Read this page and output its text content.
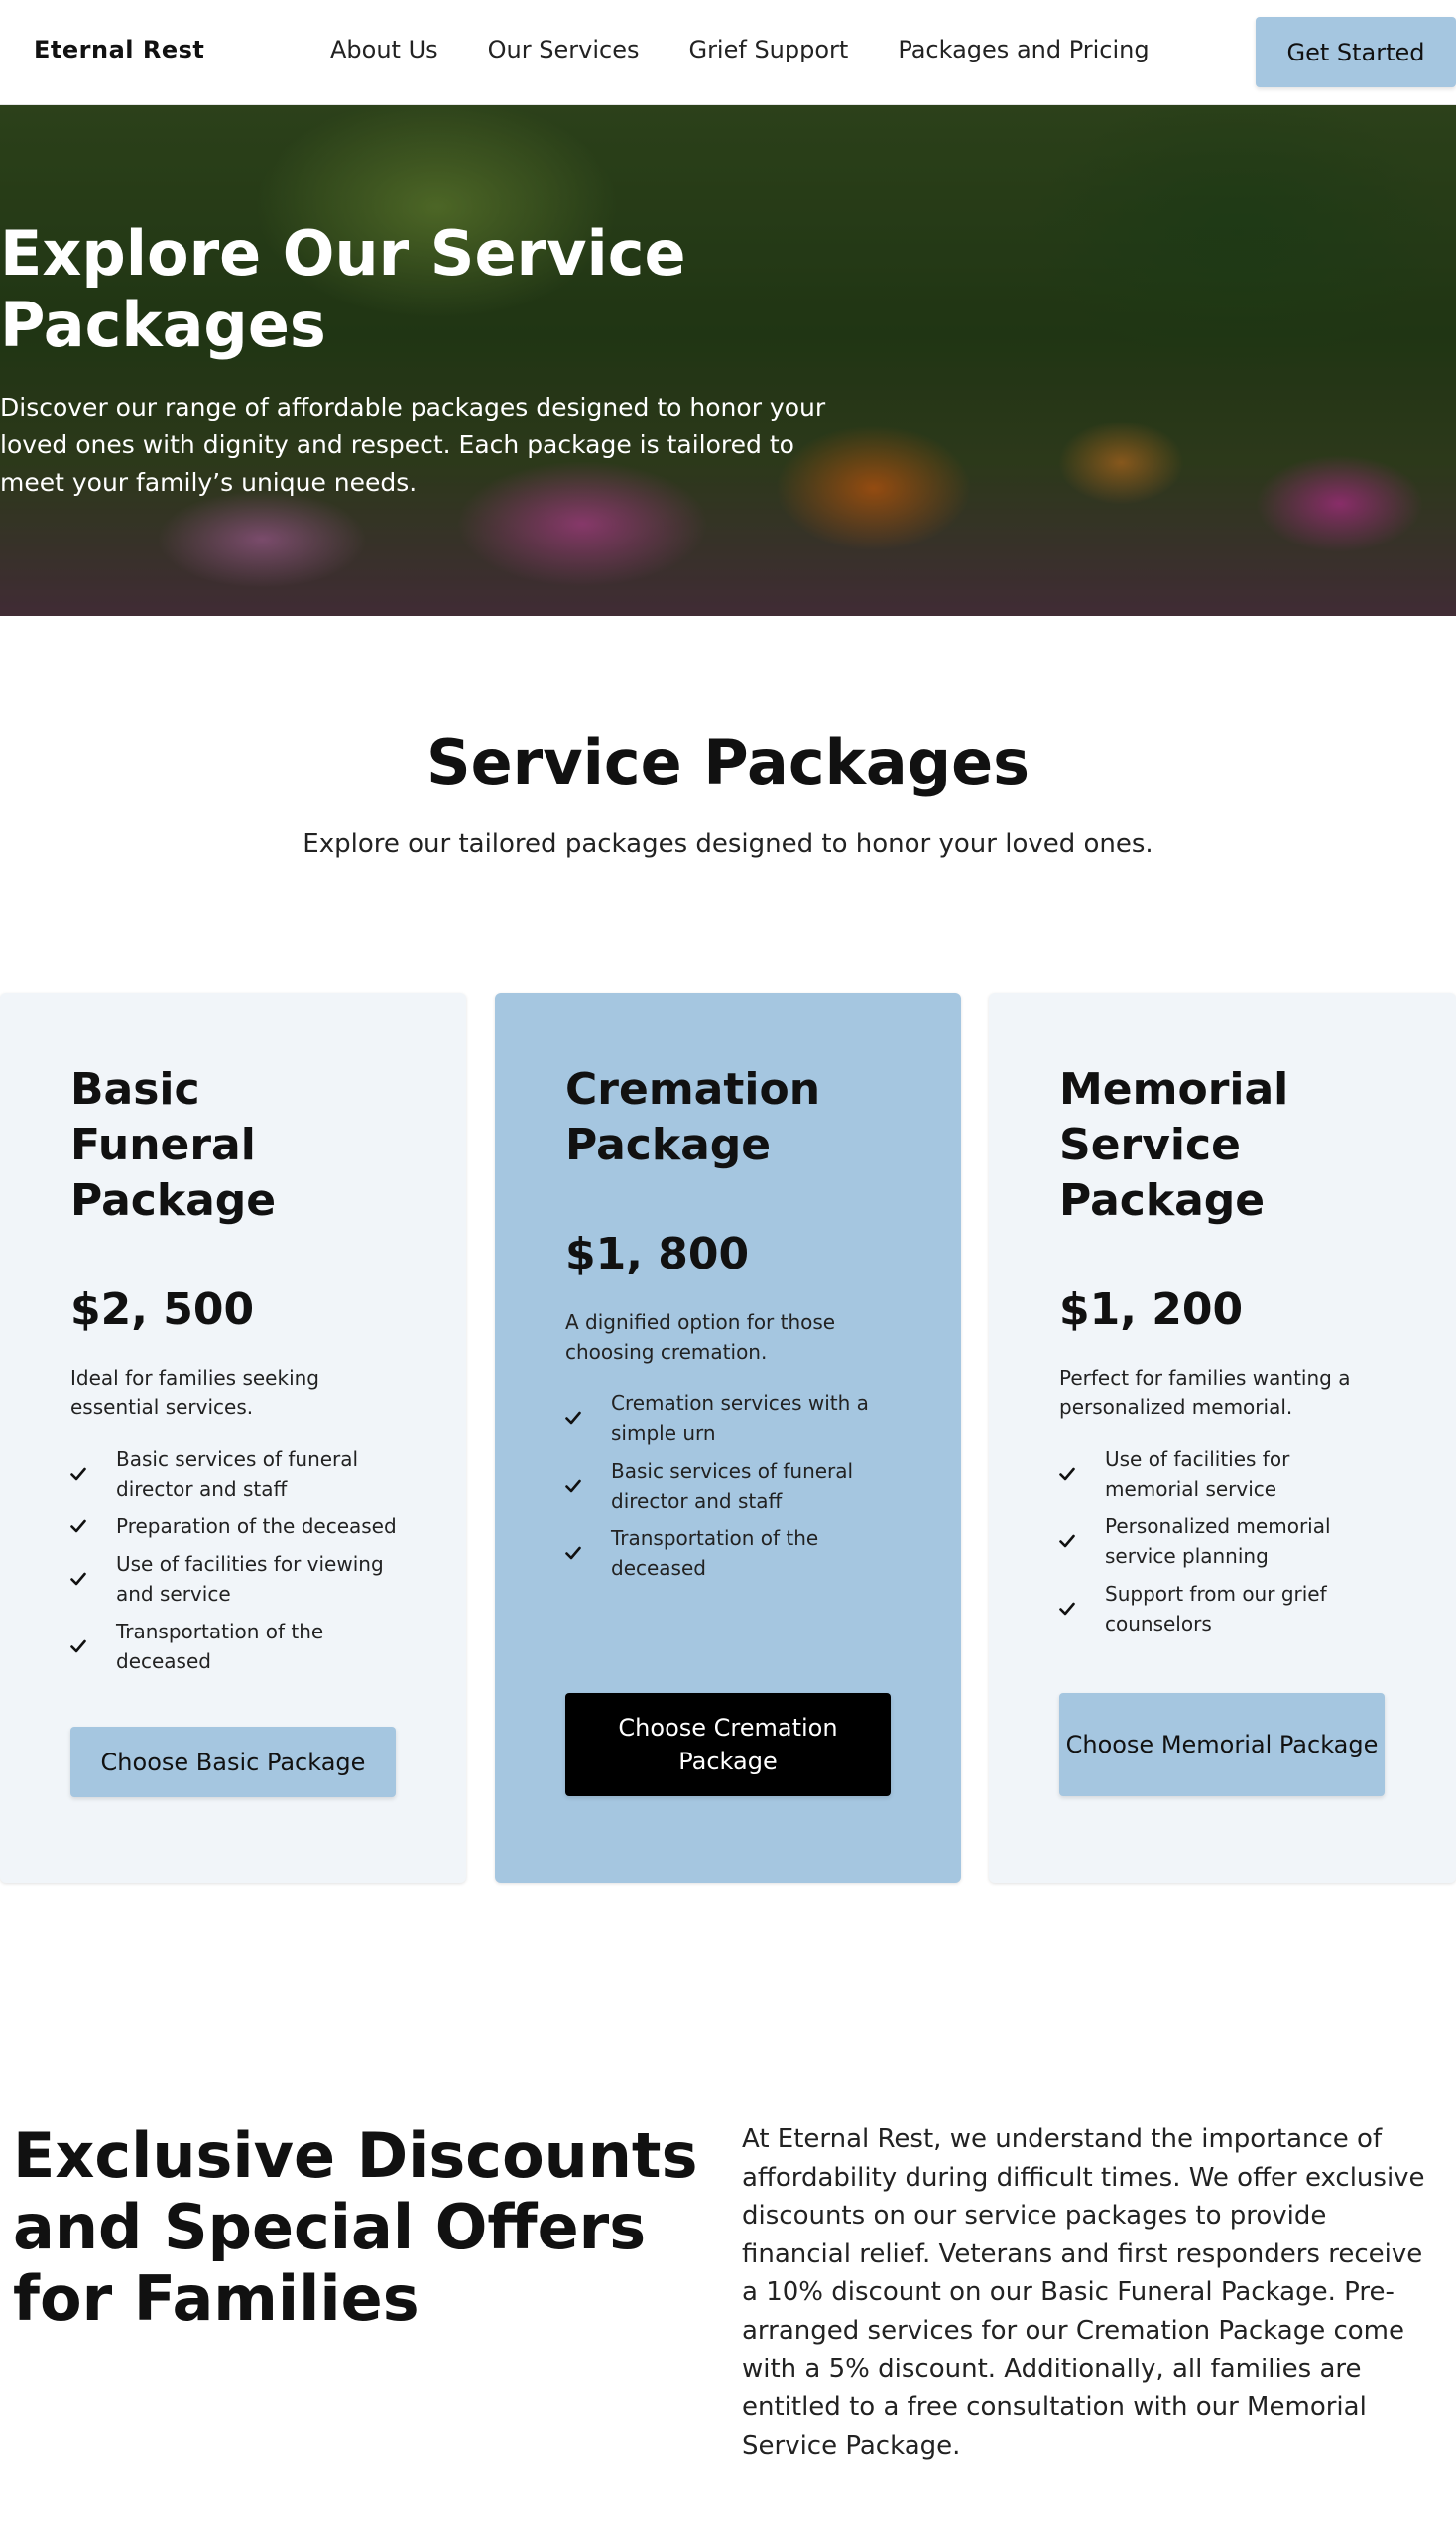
Eternal Rest	About Us Our Services Grief Support Packages and Pricing	Get Started
Explore Our Service Packages

Discover our range of affordable packages designed to honor your loved ones with dignity and respect. Each package is tailored to meet your family’s unique needs.

Service Packages

Explore our tailored packages designed to honor your loved ones.

Basic Funeral Package
$2, 500

Ideal for families seeking essential services.

Basic services of funeral director and staff
Preparation of the deceased
Use of facilities for viewing and service
Transportation of the deceased
Choose Basic Package
Cremation Package
$1, 800

A dignified option for those choosing cremation.

Cremation services with a simple urn
Basic services of funeral director and staff
Transportation of the deceased
Choose Cremation Package
Memorial Service Package
$1, 200

Perfect for families wanting a personalized memorial.

Use of facilities for memorial service
Personalized memorial service planning
Support from our grief counselors
Choose Memorial Package
Exclusive Discounts and Special Offers for Families

At Eternal Rest, we understand the importance of affordability during difficult times. We offer exclusive discounts on our service packages to provide financial relief. Veterans and first responders receive a 10% discount on our Basic Funeral Package. Pre-arranged services for our Cremation Package come with a 5% discount. Additionally, all families are entitled to a free consultation with our Memorial Service Package.
